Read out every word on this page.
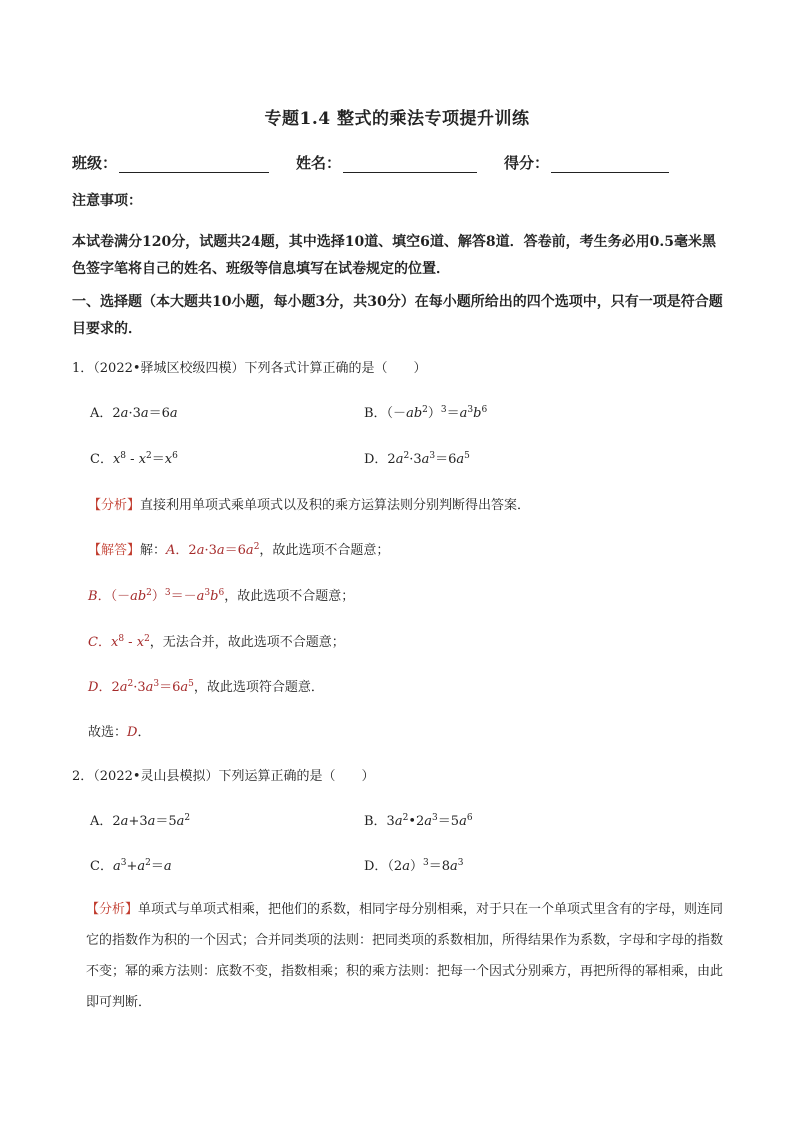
专题1.4 整式的乘法专项提升训练
班级：	姓名：	得分：
注意事项：
本试卷满分120分，试题共24题，其中选择10道、填空6道、解答8道．答卷前，考生务必用0.5毫米黑色签字笔将自己的姓名、班级等信息填写在试卷规定的位置．
一、选择题（本大题共10小题，每小题3分，共30分）在每小题所给出的四个选项中，只有一项是符合题目要求的．
1．（2022•驿城区校级四模）下列各式计算正确的是（　　）
A．2a·3a＝6a	B．$(-ab^2)^3=a^3b^6$
C．$x^8 - x^2=x^6$	D．$2a^2\cdot 3a^3=6a^5$
【分析】直接利用单项式乘单项式以及积的乘方运算法则分别判断得出答案．
【解答】解：A．$2a\cdot 3a=6a^2$，故此选项不合题意；
B．$(-ab^2)^3=-a^3b^6$，故此选项不合题意；
C．$x^8 - x^2$，无法合并，故此选项不合题意；
D．$2a^2\cdot 3a^3=6a^5$，故此选项符合题意．
故选：D．
2．（2022•灵山县模拟）下列运算正确的是（　　）
A．$2a+3a=5a^2$	B．$3a^2•2a^3=5a^6$
C．$a^3+a^2=a$	D．$(2a)^3=8a^3$
【分析】单项式与单项式相乘，把他们的系数，相同字母分别相乘，对于只在一个单项式里含有的字母，则连同它的指数作为积的一个因式；合并同类项的法则：把同类项的系数相加，所得结果作为系数，字母和字母的指数不变；幂的乘方法则：底数不变，指数相乘；积的乘方法则：把每一个因式分别乘方，再把所得的幂相乘，由此即可判断．
